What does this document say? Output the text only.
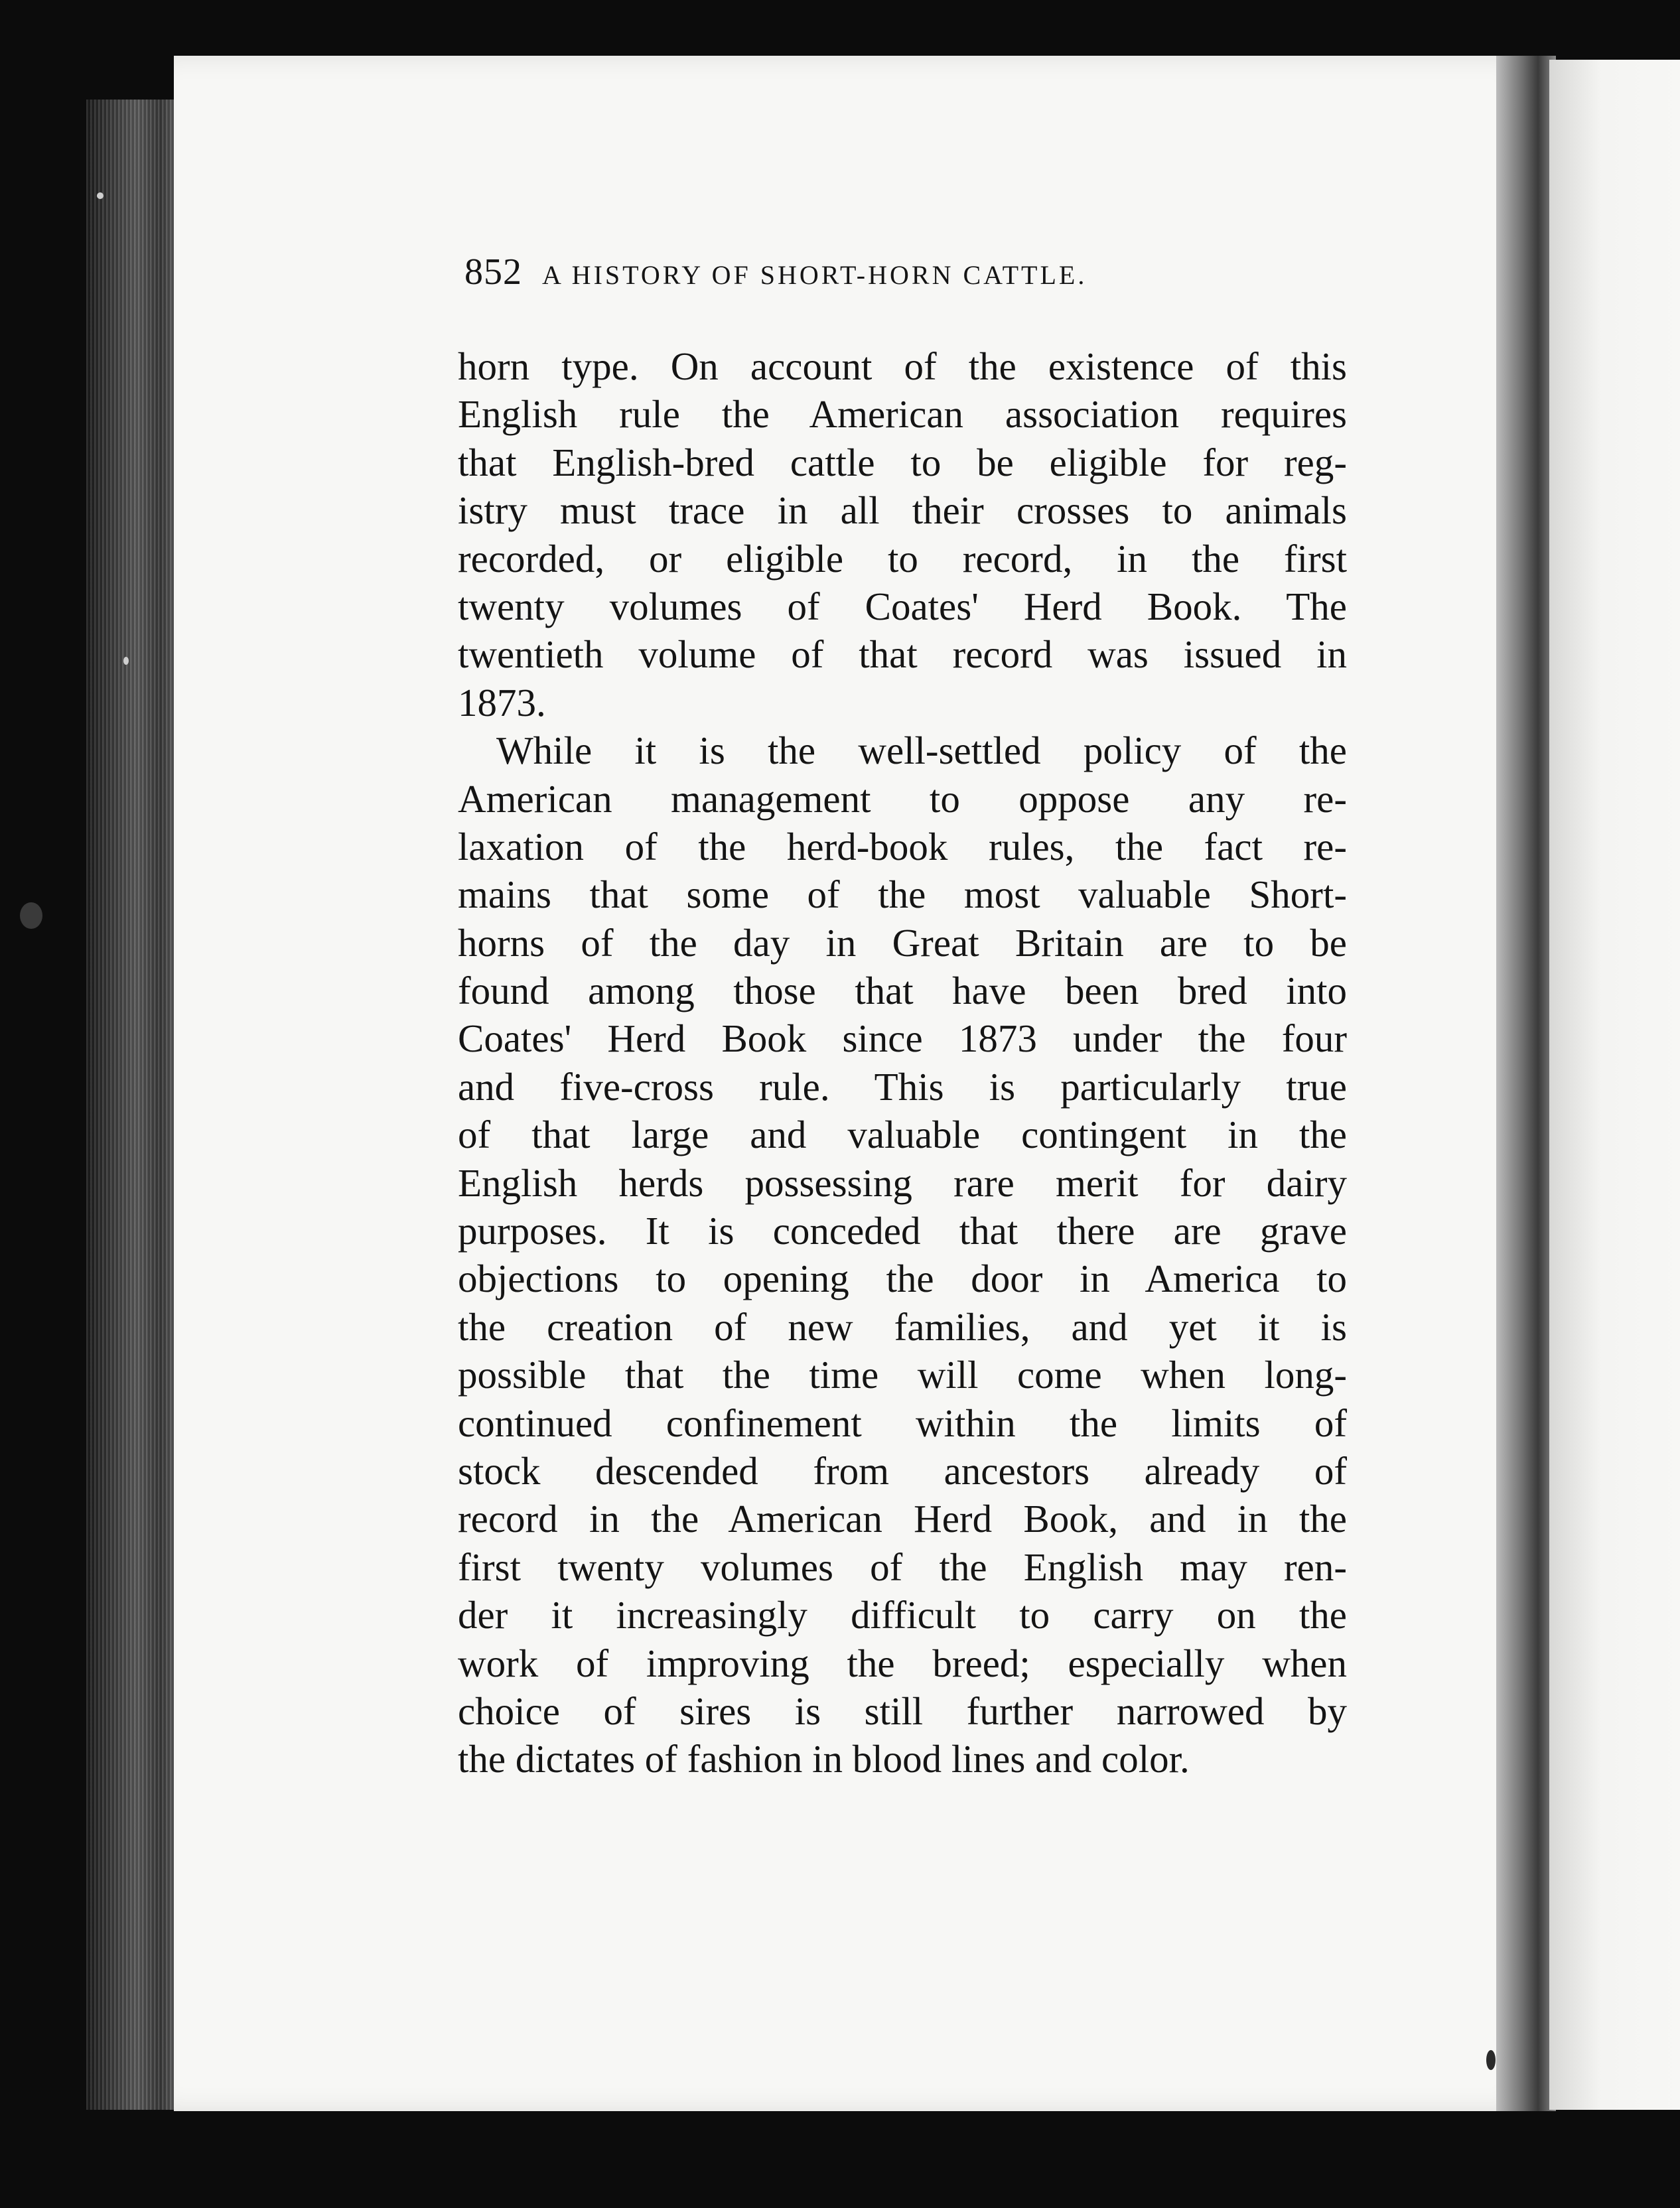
852 A HISTORY OF SHORT-HORN CATTLE.
horn type. On account of the existence of this
English rule the American association requires
that English-bred cattle to be eligible for reg-
istry must trace in all their crosses to animals
recorded, or eligible to record, in the first
twenty volumes of Coates' Herd Book. The
twentieth volume of that record was issued in
1873.
While it is the well-settled policy of the
American management to oppose any re-
laxation of the herd-book rules, the fact re-
mains that some of the most valuable Short-
horns of the day in Great Britain are to be
found among those that have been bred into
Coates' Herd Book since 1873 under the four
and five-cross rule. This is particularly true
of that large and valuable contingent in the
English herds possessing rare merit for dairy
purposes. It is conceded that there are grave
objections to opening the door in America to
the creation of new families, and yet it is
possible that the time will come when long-
continued confinement within the limits of
stock descended from ancestors already of
record in the American Herd Book, and in the
first twenty volumes of the English may ren-
der it increasingly difficult to carry on the
work of improving the breed; especially when
choice of sires is still further narrowed by
the dictates of fashion in blood lines and color.
